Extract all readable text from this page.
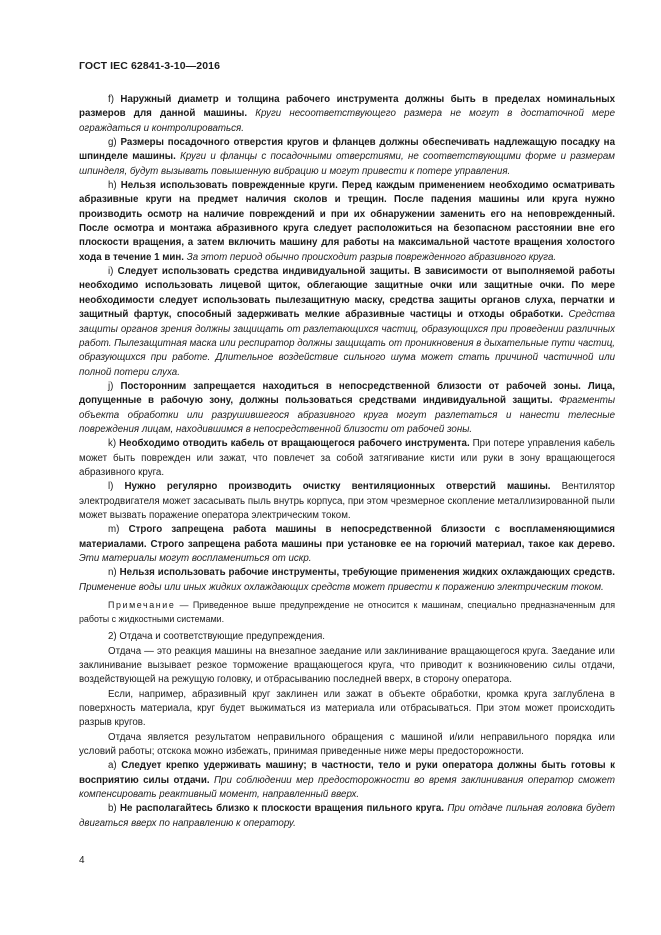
ГОСТ IEC 62841-3-10—2016

f) Наружный диаметр и толщина рабочего инструмента должны быть в пределах номинальных размеров для данной машины. Круги несоответствующего размера не могут в достаточной мере ограждаться и контролироваться.

g) Размеры посадочного отверстия кругов и фланцев должны обеспечивать надлежащую посадку на шпинделе машины. Круги и фланцы с посадочными отверстиями, не соответствующими форме и размерам шпинделя, будут вызывать повышенную вибрацию и могут привести к потере управления.

h) Нельзя использовать поврежденные круги. Перед каждым применением необходимо осматривать абразивные круги на предмет наличия сколов и трещин. После падения машины или круга нужно производить осмотр на наличие повреждений и при их обнаружении заменить его на неповрежденный. После осмотра и монтажа абразивного круга следует расположиться на безопасном расстоянии вне его плоскости вращения, а затем включить машину для работы на максимальной частоте вращения холостого хода в течение 1 мин. За этот период обычно происходит разрыв поврежденного абразивного круга.

i) Следует использовать средства индивидуальной защиты. В зависимости от выполняемой работы необходимо использовать лицевой щиток, облегающие защитные очки или защитные очки. По мере необходимости следует использовать пылезащитную маску, средства защиты органов слуха, перчатки и защитный фартук, способный задерживать мелкие абразивные частицы и отходы обработки. Средства защиты органов зрения должны защищать от разлетающихся частиц, образующихся при проведении различных работ. Пылезащитная маска или респиратор должны защищать от проникновения в дыхательные пути частиц, образующихся при работе. Длительное воздействие сильного шума может стать причиной частичной или полной потери слуха.

j) Посторонним запрещается находиться в непосредственной близости от рабочей зоны. Лица, допущенные в рабочую зону, должны пользоваться средствами индивидуальной защиты. Фрагменты объекта обработки или разрушившегося абразивного круга могут разлетаться и нанести телесные повреждения лицам, находившимся в непосредственной близости от рабочей зоны.

k) Необходимо отводить кабель от вращающегося рабочего инструмента. При потере управления кабель может быть поврежден или зажат, что повлечет за собой затягивание кисти или руки в зону вращающегося абразивного круга.

l) Нужно регулярно производить очистку вентиляционных отверстий машины. Вентилятор электродвигателя может засасывать пыль внутрь корпуса, при этом чрезмерное скопление металлизированной пыли может вызвать поражение оператора электрическим током.

m) Строго запрещена работа машины в непосредственной близости с воспламеняющимися материалами. Строго запрещена работа машины при установке ее на горючий материал, такое как дерево. Эти материалы могут воспламениться от искр.

n) Нельзя использовать рабочие инструменты, требующие применения жидких охлаждающих средств. Применение воды или иных жидких охлаждающих средств может привести к поражению электрическим током.

Примечание — Приведенное выше предупреждение не относится к машинам, специально предназначенным для работы с жидкостными системами.

2) Отдача и соответствующие предупреждения.

Отдача — это реакция машины на внезапное заедание или заклинивание вращающегося круга. Заедание или заклинивание вызывает резкое торможение вращающегося круга, что приводит к возникновению силы отдачи, воздействующей на режущую головку, и отбрасыванию последней вверх, в сторону оператора.

Если, например, абразивный круг заклинен или зажат в объекте обработки, кромка круга заглублена в поверхность материала, круг будет выжиматься из материала или отбрасываться. При этом может происходить разрыв кругов.

Отдача является результатом неправильного обращения с машиной и/или неправильного порядка или условий работы; отскока можно избежать, принимая приведенные ниже меры предосторожности.

а) Следует крепко удерживать машину; в частности, тело и руки оператора должны быть готовы к восприятию силы отдачи. При соблюдении мер предосторожности во время заклинивания оператор сможет компенсировать реактивный момент, направленный вверх.

b) Не располагайтесь близко к плоскости вращения пильного круга. При отдаче пильная головка будет двигаться вверх по направлению к оператору.

4
